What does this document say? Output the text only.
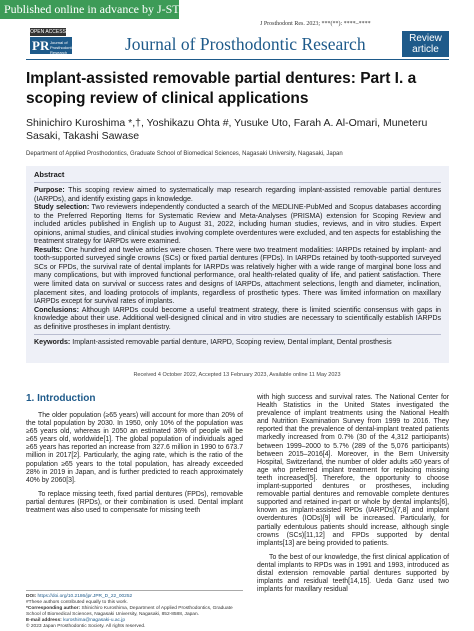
Published online in advance by J-STAGE
J Prosthodont Res. 2023; ***(**): ****–****
OPEN ACCESS
PR Journal of Prosthodontic Research	Journal of Prosthodontic Research	Review
article
Implant-assisted removable partial dentures: Part I. a scoping review of clinical applications
Shinichiro Kuroshima *,†, Yoshikazu Ohta #, Yusuke Uto, Farah A. Al-Omari, Muneteru Sasaki, Takashi Sawase
Department of Applied Prosthodontics, Graduate School of Biomedical Sciences, Nagasaki University, Nagasaki, Japan
Abstract

Purpose: This scoping review aimed to systematically map research regarding implant-assisted removable partial dentures (IARPDs), and identify existing gaps in knowledge.

Study selection: Two reviewers independently conducted a search of the MEDLINE-PubMed and Scopus databases according to the Preferred Reporting Items for Systematic Review and Meta-Analyses (PRISMA) extension for Scoping Review and included articles published in English up to August 31, 2022, including human studies, reviews, and in vitro studies. Expert opinions, animal studies, and clinical studies involving complete overdentures were excluded, and ten aspects for establishing the treatment strategy for IARPDs were examined.

Results: One hundred and twelve articles were chosen. There were two treatment modalities: IARPDs retained by implant- and tooth-supported surveyed single crowns (SCs) or fixed partial dentures (FPDs). In IARPDs retained by tooth-supported surveyed SCs or FPDs, the survival rate of dental implants for IARPDs was relatively higher with a wide range of marginal bone loss and many complications, but with improved functional performance, oral health-related quality of life, and patient satisfaction. There were limited data on survival or success rates and designs of IARPDs, attachment selections, length and diameter, inclination, placement sites, and loading protocols of implants, regardless of prosthetic types. There was limited information on maxillary IARPDs except for survival rates of implants.

Conclusions: Although IARPDs could become a useful treatment strategy, there is limited scientific consensus with gaps in knowledge about their use. Additional well-designed clinical and in vitro studies are necessary to scientifically establish IARPDs as definitive prostheses in implant dentistry.

Keywords: Implant-assisted removable partial denture, IARPD, Scoping review, Dental implant, Dental prosthesis
Received 4 October 2022, Accepted 13 February 2023, Available online 11 May 2023
1. Introduction

The older population (≥65 years) will account for more than 20% of the total population by 2030. In 1950, only 10% of the population was ≥65 years old, whereas in 2050 an estimated 36% of people will be ≥65 years old, worldwide[1]. The global population of individuals aged ≥65 years has reported an increase from 327.6 million in 1990 to 673.7 million in 2017[2]. Particularly, the aging rate, which is the ratio of the population ≥65 years to the total population, has already exceeded 28% in 2019 in Japan, and is further predicted to reach approximately 40% by 2060[3].

To replace missing teeth, fixed partial dentures (FPDs), removable partial dentures (RPDs), or their combination is used. Dental implant treatment was also used to compensate for missing teeth

with high success and survival rates. The National Center for Health Statistics in the United States investigated the prevalence of implant treatments using the National Health and Nutrition Examination Survey from 1999 to 2016. They reported that the prevalence of dental-implant treated patients markedly increased from 0.7% (30 of the 4,312 participants) between 1999–2000 to 5.7% (289 of the 5,076 participants) between 2015–2016[4]. Moreover, in the Bern University Hospital, Switzerland, the number of older adults ≥60 years of age who preferred implant treatment for replacing missing teeth increased[5]. Therefore, the opportunity to choose implant-supported dentures or prostheses, including removable partial dentures and removable complete dentures supported and retained in-part or whole by dental implants[6], known as implant-assisted RPDs (IARPDs)[7,8] and implant overdentures (IODs)[9] will be increased. Particularly, for partially edentulous patients should increase, although single crowns (SCs)[11,12] and FPDs supported by dental implants[13] are being provided to patients.

To the best of our knowledge, the first clinical application of dental implants to RPDs was in 1991 and 1993, introduced as distal extension removable partial dentures supported by implants and residual teeth[14,15]. Ueda Ganz used two implants for maxillary residual

DOI: https://doi.org/10.2186/jpr.JPR_D_22_00252
#These authors contributed equally to this work.
*Corresponding author: Shinichiro Kuroshima, Department of Applied Prosthodontics, Graduate School of Biomedical Sciences, Nagasaki University, Nagasaki, 852-8588, Japan.
E-mail address: kuroshima@nagasaki-u.ac.jp
© 2023 Japan Prosthodontic Society. All rights reserved.
